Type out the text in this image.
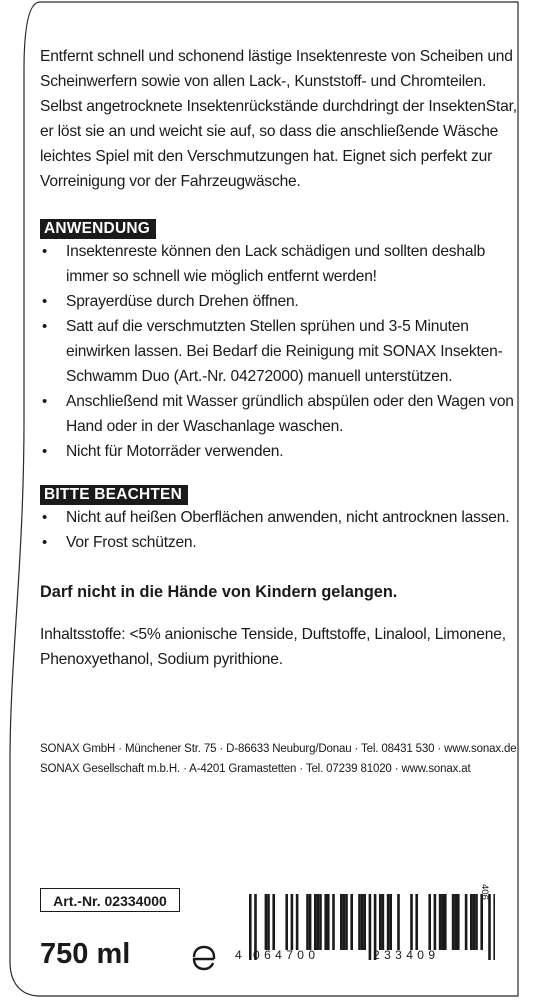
Entfernt schnell und schonend lästige Insektenreste von Scheiben und Scheinwerfern sowie von allen Lack-, Kunststoff- und Chromteilen. Selbst angetrocknete Insektenrückstände durchdringt der InsektenStar, er löst sie an und weicht sie auf, so dass die anschließende Wäsche leichtes Spiel mit den Verschmutzungen hat. Eignet sich perfekt zur Vorreinigung vor der Fahrzeugwäsche.

ANWENDUNG
• Insektenreste können den Lack schädigen und sollten deshalb immer so schnell wie möglich entfernt werden!
• Sprayerdüse durch Drehen öffnen.
• Satt auf die verschmutzten Stellen sprühen und 3-5 Minuten einwirken lassen. Bei Bedarf die Reinigung mit SONAX Insekten-Schwamm Duo (Art.-Nr. 04272000) manuell unterstützen.
• Anschließend mit Wasser gründlich abspülen oder den Wagen von Hand oder in der Waschanlage waschen.
• Nicht für Motorräder verwenden.
BITTE BEACHTEN
• Nicht auf heißen Oberflächen anwenden, nicht antrocknen lassen.
• Vor Frost schützen.
Darf nicht in die Hände von Kindern gelangen.
Inhaltsstoffe: <5% anionische Tenside, Duftstoffe, Linalool, Limonene, Phenoxyethanol, Sodium pyrithione.
SONAX GmbH · Münchener Str. 75 · D-86633 Neuburg/Donau · Tel. 08431 530 · www.sonax.de
SONAX Gesellschaft m.b.H. · A-4201 Gramastetten · Tel. 07239 81020 · www.sonax.at
Art.-Nr. 02334000
750 ml	4 064700	233409
406
